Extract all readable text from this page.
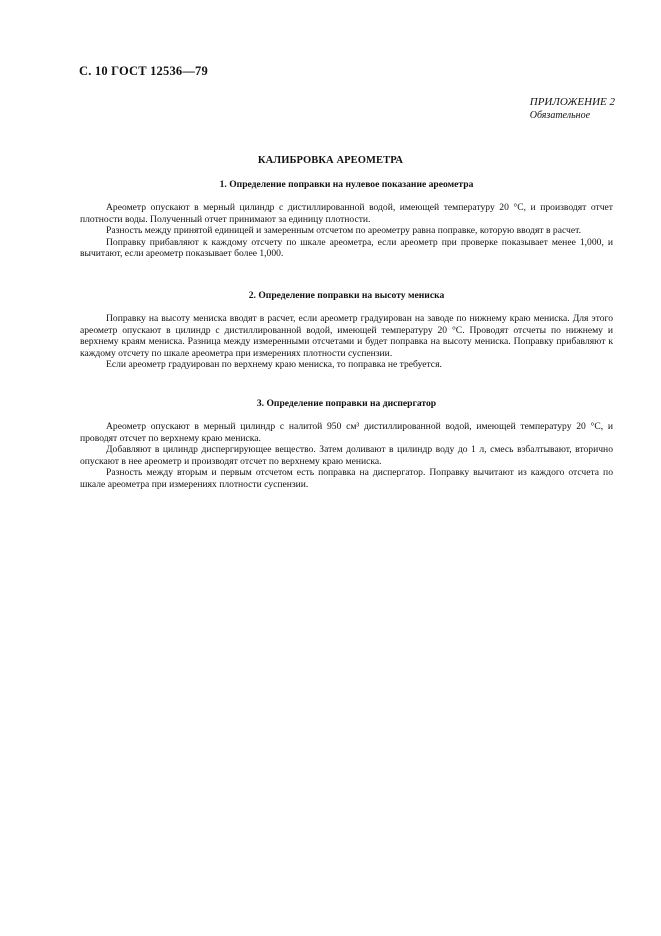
С. 10 ГОСТ 12536—79
ПРИЛОЖЕНИЕ 2
Обязательное
КАЛИБРОВКА АРЕОМЕТРА
1. Определение поправки на нулевое показание ареометра

Ареометр опускают в мерный цилиндр с дистиллированной водой, имеющей температуру 20 °С, и производят отчет плотности воды. Полученный отчет принимают за единицу плотности.

Разность между принятой единицей и замеренным отсчетом по ареометру равна поправке, которую вводят в расчет.

Поправку прибавляют к каждому отсчету по шкале ареометра, если ареометр при проверке показывает менее 1,000, и вычитают, если ареометр показывает более 1,000.

2. Определение поправки на высоту мениска

Поправку на высоту мениска вводят в расчет, если ареометр градуирован на заводе по нижнему краю мениска. Для этого ареометр опускают в цилиндр с дистиллированной водой, имеющей температуру 20 °С. Проводят отсчеты по нижнему и верхнему краям мениска. Разница между измеренными отсчетами и будет поправка на высоту мениска. Поправку прибавляют к каждому отсчету по шкале ареометра при измерениях плотности суспензии.

Если ареометр градуирован по верхнему краю мениска, то поправка не требуется.

3. Определение поправки на диспергатор

Ареометр опускают в мерный цилиндр с налитой 950 см³ дистиллированной водой, имеющей температуру 20 °С, и проводят отсчет по верхнему краю мениска.

Добавляют в цилиндр диспергирующее вещество. Затем доливают в цилиндр воду до 1 л, смесь взбалтывают, вторично опускают в нее ареометр и производят отсчет по верхнему краю мениска.

Разность между вторым и первым отсчетом есть поправка на диспергатор. Поправку вычитают из каждого отсчета по шкале ареометра при измерениях плотности суспензии.
